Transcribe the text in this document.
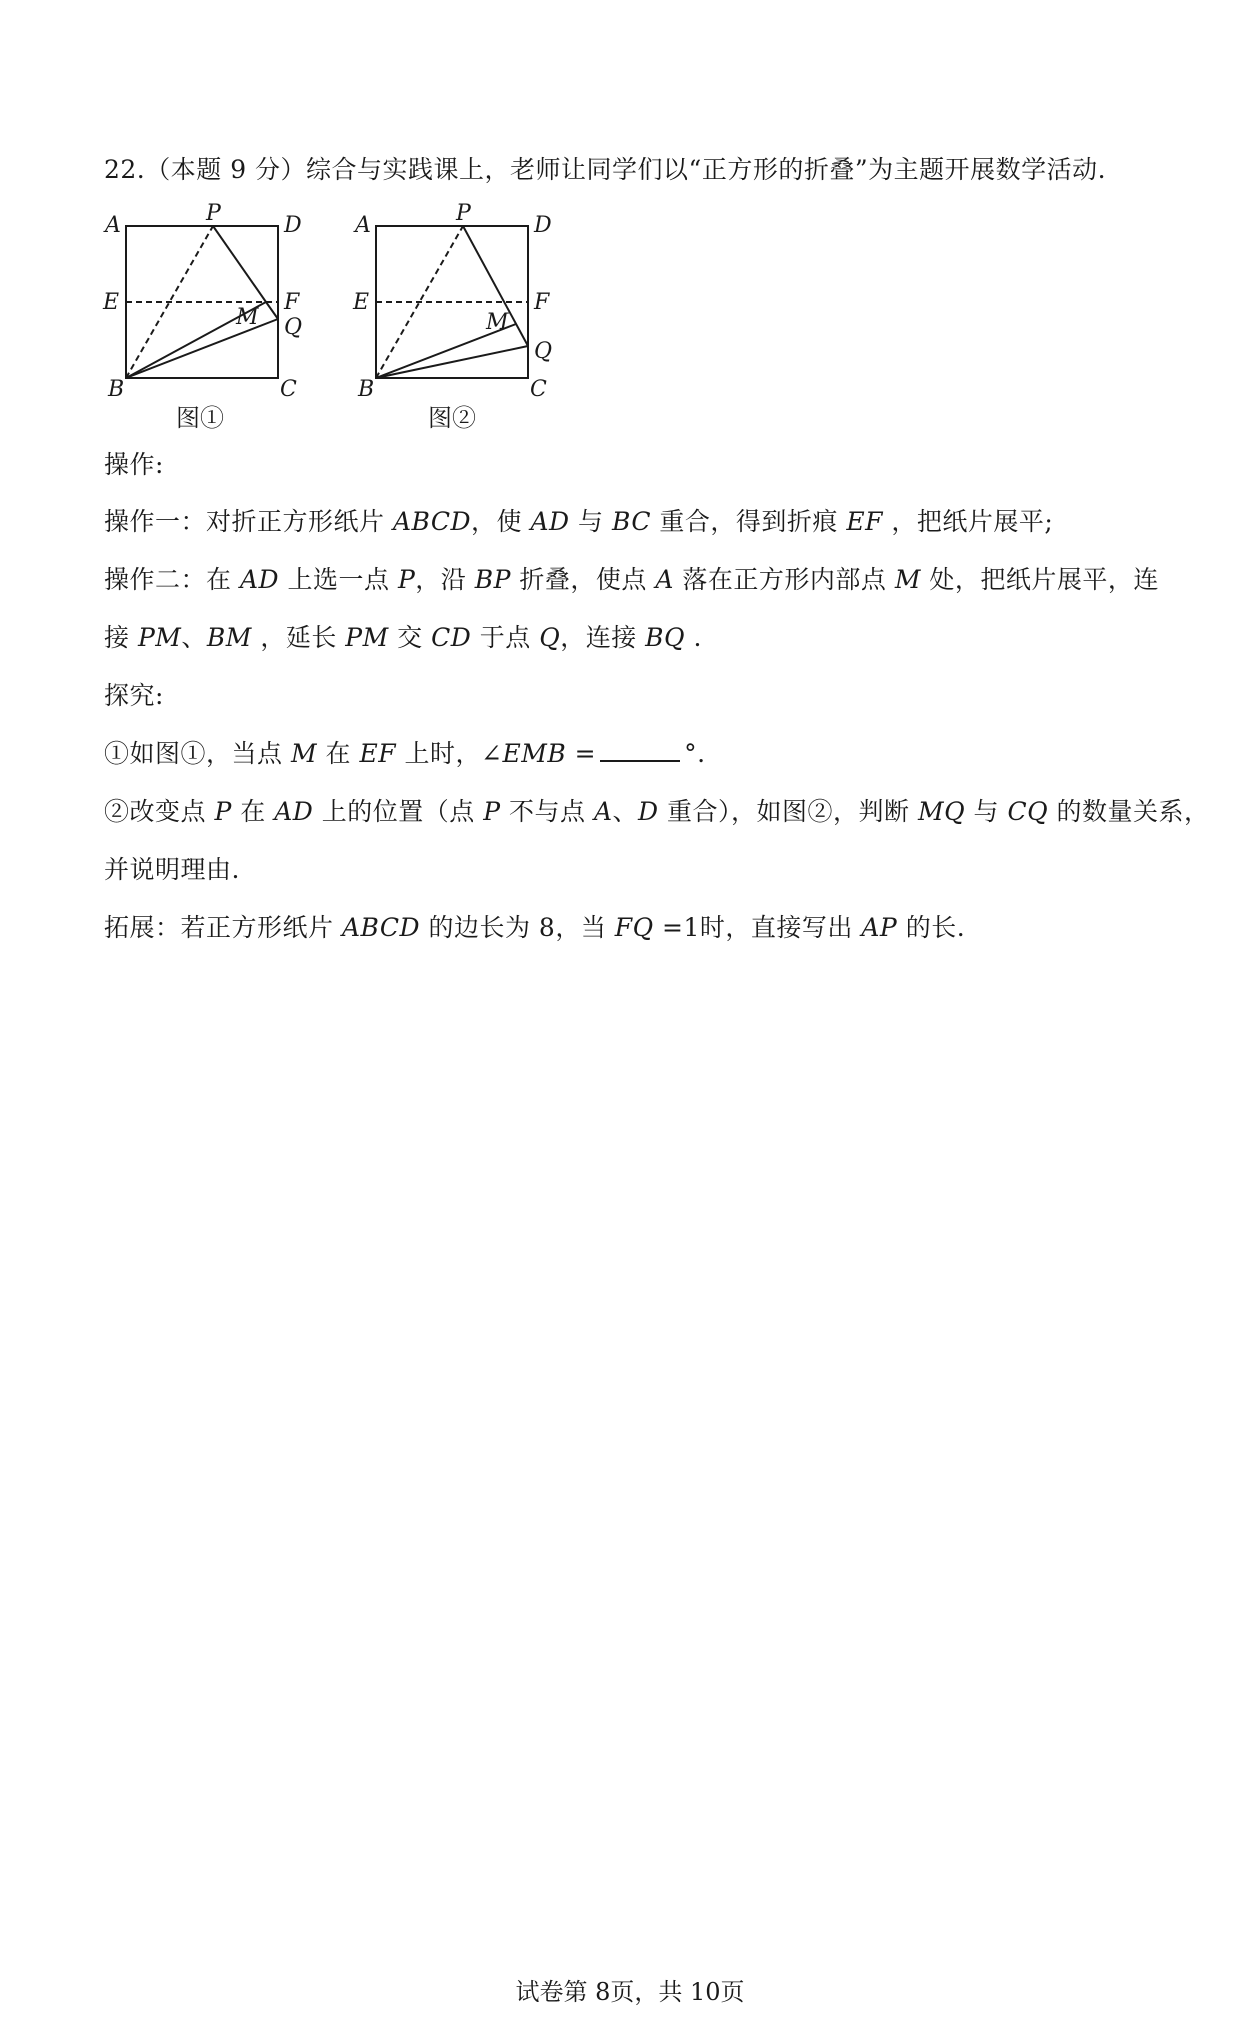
22.（本题 9 分）综合与实践课上，老师让同学们以“正方形的折叠”为主题开展数学活动.
A	P	D
E	F
M Q
B	C
图①
A	P	D
E	F
M
Q
B	C
图②
操作:
操作一：对折正方形纸片 ABCD，使 AD 与 BC 重合，得到折痕 EF ，把纸片展平;
操作二：在 AD 上选一点 P，沿 BP 折叠，使点 A 落在正方形内部点 M 处，把纸片展平，连
接 PM、BM ，延长 PM 交 CD 于点 Q，连接 BQ .
探究:
①如图①，当点 M 在 EF 上时，∠EMB =	°.
②改变点 P 在 AD 上的位置（点 P 不与点 A、D 重合），如图②，判断 MQ 与 CQ 的数量关系，
并说明理由.
拓展：若正方形纸片 ABCD 的边长为 8，当 FQ =1时，直接写出 AP 的长.
试卷第 8页，共 10页
